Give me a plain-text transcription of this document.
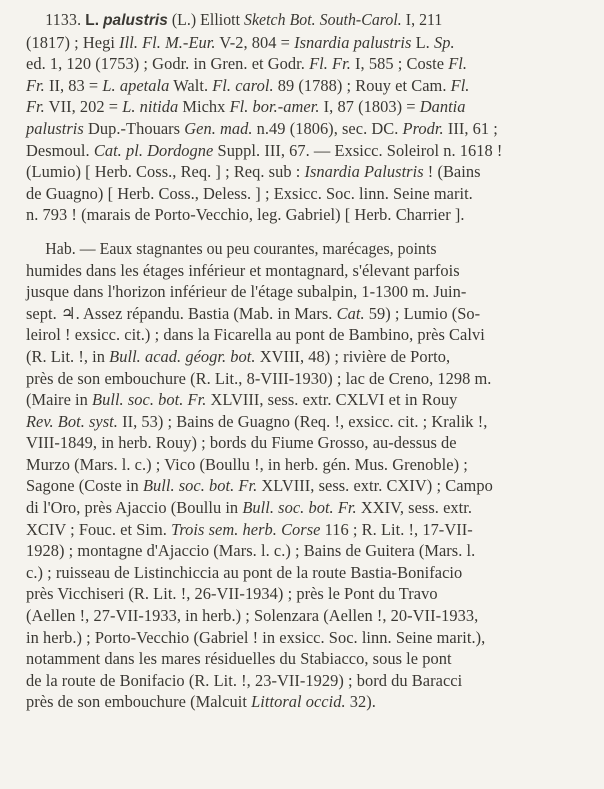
1133. L. palustris (L.) Elliott Sketch Bot. South-Carol. I, 211
(1817) ; Hegi Ill. Fl. M.-Eur. V-2, 804 = Isnardia palustris L. Sp.
ed. 1, 120 (1753) ; Godr. in Gren. et Godr. Fl. Fr. I, 585 ; Coste Fl.
Fr. II, 83 = L. apetala Walt. Fl. carol. 89 (1788) ; Rouy et Cam. Fl.
Fr. VII, 202 = L. nitida Michx Fl. bor.-amer. I, 87 (1803) = Dantia
palustris Dup.-Thouars Gen. mad. n.49 (1806), sec. DC. Prodr. III, 61 ;
Desmoul. Cat. pl. Dordogne Suppl. III, 67. — Exsicc. Soleirol n. 1618 !
(Lumio) [ Herb. Coss., Req. ] ; Req. sub : Isnardia Palustris ! (Bains
de Guagno) [ Herb. Coss., Deless. ] ; Exsicc. Soc. linn. Seine marit.
n. 793 ! (marais de Porto-Vecchio, leg. Gabriel) [ Herb. Charrier ].

Hab. — Eaux stagnantes ou peu courantes, marécages, points
humides dans les étages inférieur et montagnard, s'élevant parfois
jusque dans l'horizon inférieur de l'étage subalpin, 1-1300 m. Juin-
sept. ♃. Assez répandu. Bastia (Mab. in Mars. Cat. 59) ; Lumio (So-
leirol ! exsicc. cit.) ; dans la Ficarella au pont de Bambino, près Calvi
(R. Lit. !, in Bull. acad. géogr. bot. XVIII, 48) ; rivière de Porto,
près de son embouchure (R. Lit., 8-VIII-1930) ; lac de Creno, 1298 m.
(Maire in Bull. soc. bot. Fr. XLVIII, sess. extr. CXLVI et in Rouy
Rev. Bot. syst. II, 53) ; Bains de Guagno (Req. !, exsicc. cit. ; Kralik !,
VIII-1849, in herb. Rouy) ; bords du Fiume Grosso, au-dessus de
Murzo (Mars. l. c.) ; Vico (Boullu !, in herb. gén. Mus. Grenoble) ;
Sagone (Coste in Bull. soc. bot. Fr. XLVIII, sess. extr. CXIV) ; Campo
di l'Oro, près Ajaccio (Boullu in Bull. soc. bot. Fr. XXIV, sess. extr.
XCIV ; Fouc. et Sim. Trois sem. herb. Corse 116 ; R. Lit. !, 17-VII-
1928) ; montagne d'Ajaccio (Mars. l. c.) ; Bains de Guitera (Mars. l.
c.) ; ruisseau de Listinchiccia au pont de la route Bastia-Bonifacio
près Vicchiseri (R. Lit. !, 26-VII-1934) ; près le Pont du Travo
(Aellen !, 27-VII-1933, in herb.) ; Solenzara (Aellen !, 20-VII-1933,
in herb.) ; Porto-Vecchio (Gabriel ! in exsicc. Soc. linn. Seine marit.),
notamment dans les mares résiduelles du Stabiacco, sous le pont
de la route de Bonifacio (R. Lit. !, 23-VII-1929) ; bord du Baracci
près de son embouchure (Malcuit Littoral occid. 32).
